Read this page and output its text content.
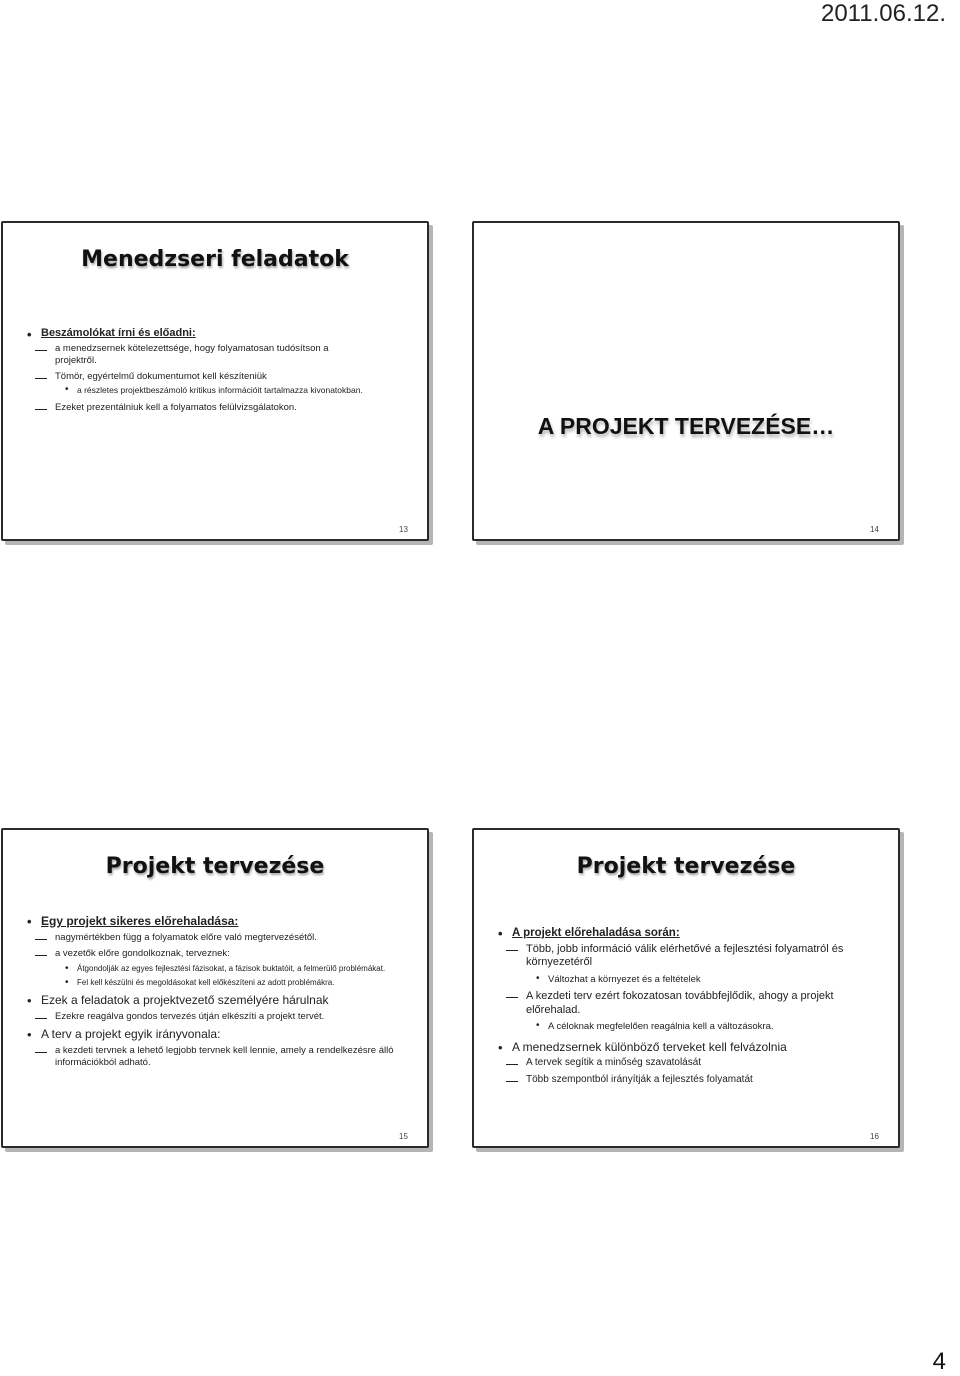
2011.06.12.
Menedzseri feladatok
• Beszámolókat írni és előadni:
a menedzsernek kötelezettsége, hogy folyamatosan tudósítson a projektről.
Tömör, egyértelmű dokumentumot kell készíteniük
• a részletes projektbeszámoló kritikus információit tartalmazza kivonatokban.
Ezeket prezentálniuk kell a folyamatos felülvizsgálatokon.
13
A PROJEKT TERVEZÉSE…
14
Projekt tervezése
• Egy projekt sikeres előrehaladása:
nagymértékben függ a folyamatok előre való megtervezésétől.
a vezetők előre gondolkoznak, terveznek:
• Átgondolják az egyes fejlesztési fázisokat, a fázisok buktatóit, a felmerülő problémákat.
• Fel kell készülni és megoldásokat kell előkészíteni az adott problémákra.
• Ezek a feladatok a projektvezető személyére hárulnak
Ezekre reagálva gondos tervezés útján elkészíti a projekt tervét.
• A terv a projekt egyik irányvonala:
a kezdeti tervnek a lehető legjobb tervnek kell lennie, amely a rendelkezésre álló információkból adható.
15
Projekt tervezése
• A projekt előrehaladása során:
Több, jobb információ válik elérhetővé a fejlesztési folyamatról és környezetéről
• Változhat a környezet és a feltételek
A kezdeti terv ezért fokozatosan továbbfejlődik, ahogy a projekt előrehalad.
• A céloknak megfelelően reagálnia kell a változásokra.
• A menedzsernek különböző terveket kell felvázolnia
A tervek segítik a minőség szavatolását
Több szempontból irányítják a fejlesztés folyamatát
16
4
